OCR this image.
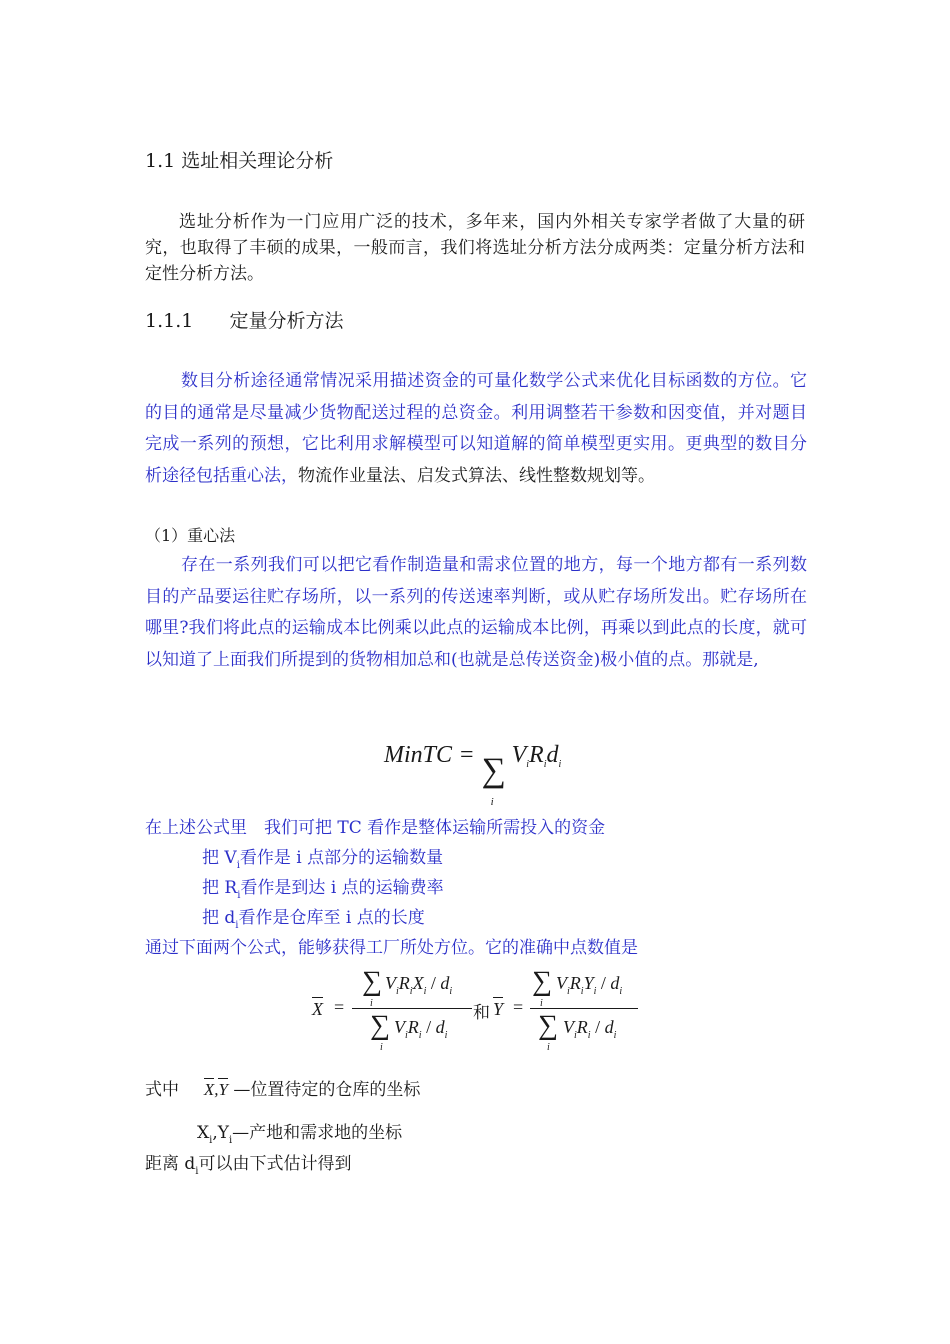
1.1 选址相关理论分析
选址分析作为一门应用广泛的技术，多年来，国内外相关专家学者做了大量的研究，也取得了丰硕的成果，一般而言，我们将选址分析方法分成两类：定量分析方法和定性分析方法。
1.1.1 定量分析方法
数目分析途径通常情况采用描述资金的可量化数学公式来优化目标函数的方位。它的目的通常是尽量减少货物配送过程的总资金。利用调整若干参数和因变值，并对题目完成一系列的预想，它比利用求解模型可以知道解的简单模型更实用。更典型的数目分析途径包括重心法，物流作业量法、启发式算法、线性整数规划等。
（1）重心法
存在一系列我们可以把它看作制造量和需求位置的地方，每一个地方都有一系列数目的产品要运往贮存场所，以一系列的传送速率判断，或从贮存场所发出。贮存场所在哪里?我们将此点的运输成本比例乘以此点的运输成本比例，再乘以到此点的长度，就可以知道了上面我们所提到的货物相加总和(也就是总传送资金)极小值的点。那就是,
MinTC = ∑
i
$V_iR_id_i$
在上述公式里　我们可把 TC 看作是整体运输所需投入的资金
把 $V_i$看作是 i 点部分的运输数量
把 $R_i$看作是到达 i 点的运输费率
把 $d_i$看作是仓库至 i 点的长度
通过下面两个公式，能够获得工厂所处方位。它的准确中点数值是
X =
∑
i
$V_iR_iX_i / d_i$
∑
i
$V_iR_i / d_i$
和 Y =
∑
i
$V_iR_iY_i / d_i$
∑
i
$V_iR_i / d_i$
式中 X,Y —位置待定的仓库的坐标
$X_i,Y_i—$产地和需求地的坐标
距离 $d_i$可以由下式估计得到
